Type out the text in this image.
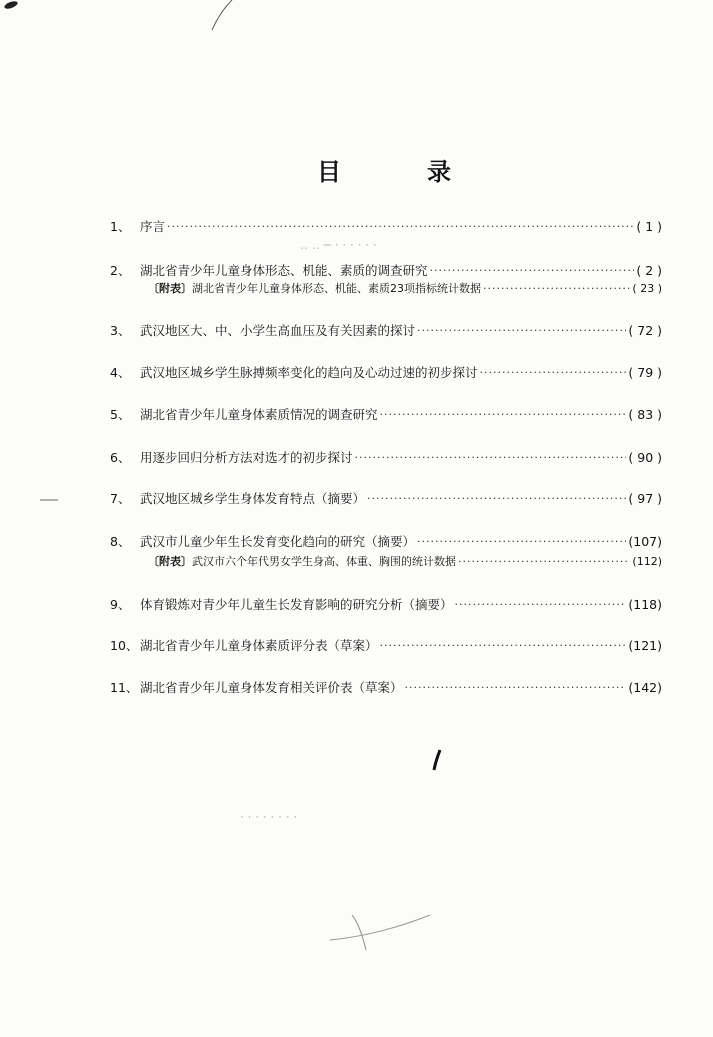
‥ ‥ ─ · · · · · ·
· · · · · · · ·
目	录
1、 序言 ·····	( 1 )
2、 湖北省青少年儿童身体形态、机能、素质的调查研究 ·····	( 2 )
〔附表〕 湖北省青少年儿童身体形态、机能、素质23项指标统计数据 ·····	( 23 )
3、 武汉地区大、中、小学生高血压及有关因素的探讨 ·····	( 72 )
4、 武汉地区城乡学生脉搏频率变化的趋向及心动过速的初步探讨 ·····	( 79 )
5、 湖北省青少年儿童身体素质情况的调查研究 ·····	( 83 )
6、 用逐步回归分析方法对选才的初步探讨 ·····	( 90 )
7、 武汉地区城乡学生身体发育特点（摘要） ·····	( 97 )
8、 武汉市儿童少年生长发育变化趋向的研究（摘要） ·····	(107)
〔附表〕 武汉市六个年代男女学生身高、体重、胸围的统计数据 ·····	(112)
9、 体育锻炼对青少年儿童生长发育影响的研究分析（摘要） ·····	(118)
10、 湖北省青少年儿童身体素质评分表（草案） ·····	(121)
11、 湖北省青少年儿童身体发育相关评价表（草案） ·····	(142)
